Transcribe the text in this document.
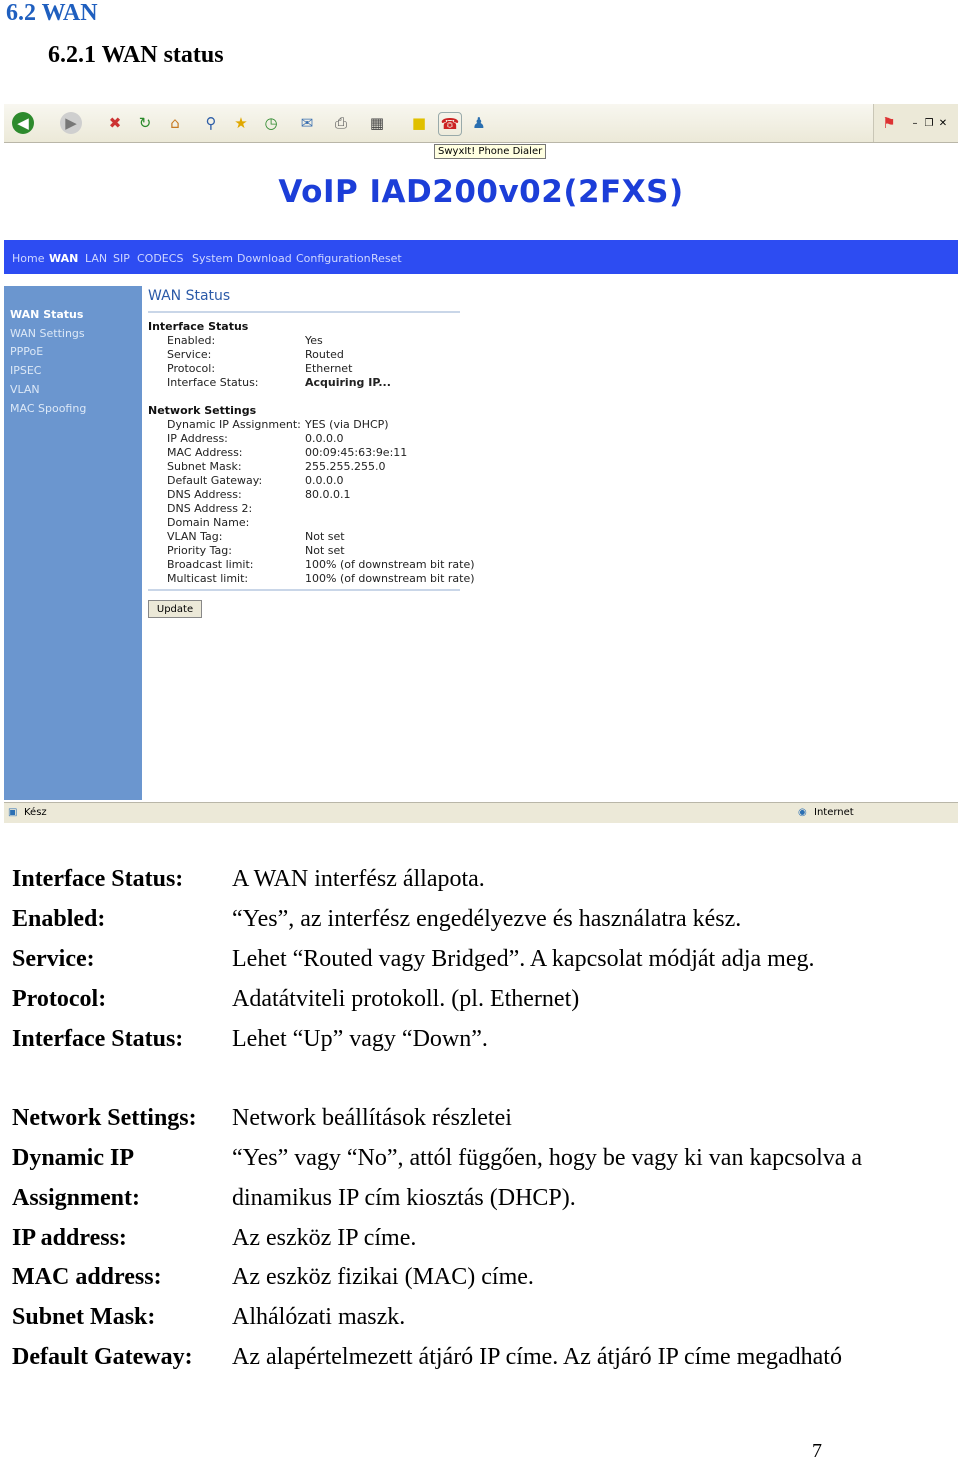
6.2 WAN
6.2.1 WAN status
◀	▶	✖	↻	⌂	⚲	★ ◷	✉	⎙	▦ ■ ☎ ♟	⚑	– ❐ ✕
SwyxIt! Phone Dialer
VoIP IAD200v02(2FXS)
Home WAN LAN SIP CODECS System Download Configuration Reset
WAN Status
WAN Settings
PPPoE
IPSEC
VLAN
MAC Spoofing
WAN Status
Interface Status
Enabled:	Yes
Service:	Routed
Protocol:	Ethernet
Interface Status:	Acquiring IP...
Network Settings
Dynamic IP Assignment: YES (via DHCP)
IP Address:	0.0.0.0
MAC Address:	00:09:45:63:9e:11
Subnet Mask:	255.255.255.0
Default Gateway:	0.0.0.0
DNS Address:	80.0.0.1
DNS Address 2:
Domain Name:
VLAN Tag:	Not set
Priority Tag:	Not set
Broadcast limit:	100% (of downstream bit rate)
Multicast limit:	100% (of downstream bit rate)
Update
▣ Kész	◉ Internet
Interface Status: A WAN interfész állapota.
Enabled:	“Yes”, az interfész engedélyezve és használatra kész.
Service:	Lehet “Routed vagy Bridged”. A kapcsolat módját adja meg.
Protocol:	Adatátviteli protokoll. (pl. Ethernet)
Interface Status: Lehet “Up” vagy “Down”.
Network Settings: Network beállítások részletei
Dynamic IP	“Yes” vagy “No”, attól függően, hogy be vagy ki van kapcsolva a
Assignment:	dinamikus IP cím kiosztás (DHCP).
IP address:	Az eszköz IP címe.
MAC address:	Az eszköz fizikai (MAC) címe.
Subnet Mask:	Alhálózati maszk.
Default Gateway: Az alapértelmezett átjáró IP címe. Az átjáró IP címe megadható
7
